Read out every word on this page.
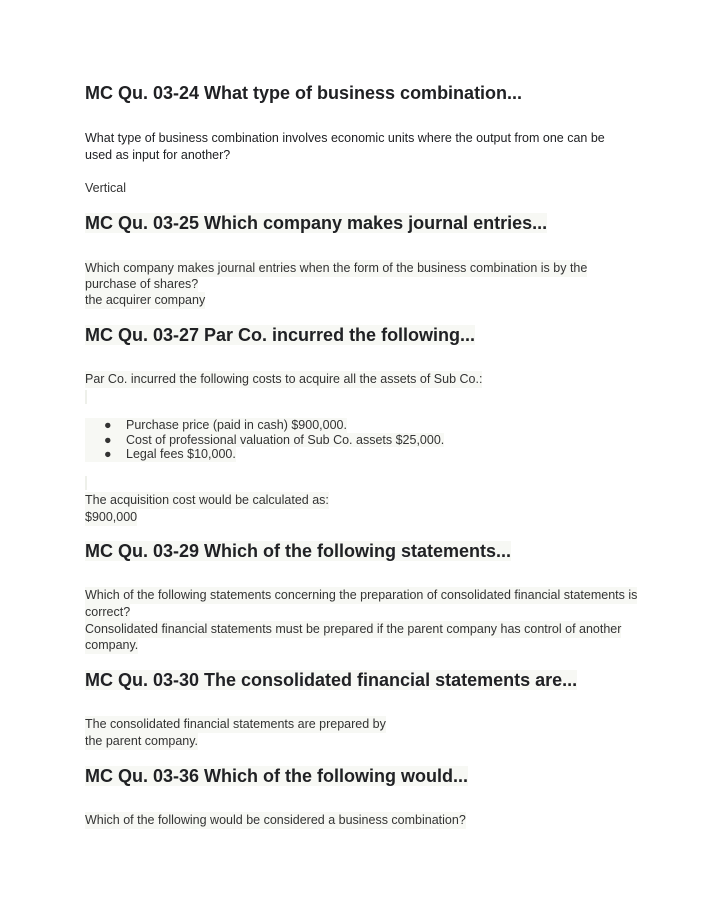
MC Qu. 03-24 What type of business combination...

What type of business combination involves economic units where the output from one can be

used as input for another?

Vertical

MC Qu. 03-25 Which company makes journal entries...

Which company makes journal entries when the form of the business combination is by the

purchase of shares?

the acquirer company

MC Qu. 03-27 Par Co. incurred the following...

Par Co. incurred the following costs to acquire all the assets of Sub Co.:

● Purchase price (paid in cash) $900,000.
● Cost of professional valuation of Sub Co. assets $25,000.
● Legal fees $10,000.

The acquisition cost would be calculated as:

$900,000

MC Qu. 03-29 Which of the following statements...

Which of the following statements concerning the preparation of consolidated financial statements is

correct?

Consolidated financial statements must be prepared if the parent company has control of another

company.

MC Qu. 03-30 The consolidated financial statements are...

The consolidated financial statements are prepared by

the parent company.

MC Qu. 03-36 Which of the following would...

Which of the following would be considered a business combination?
